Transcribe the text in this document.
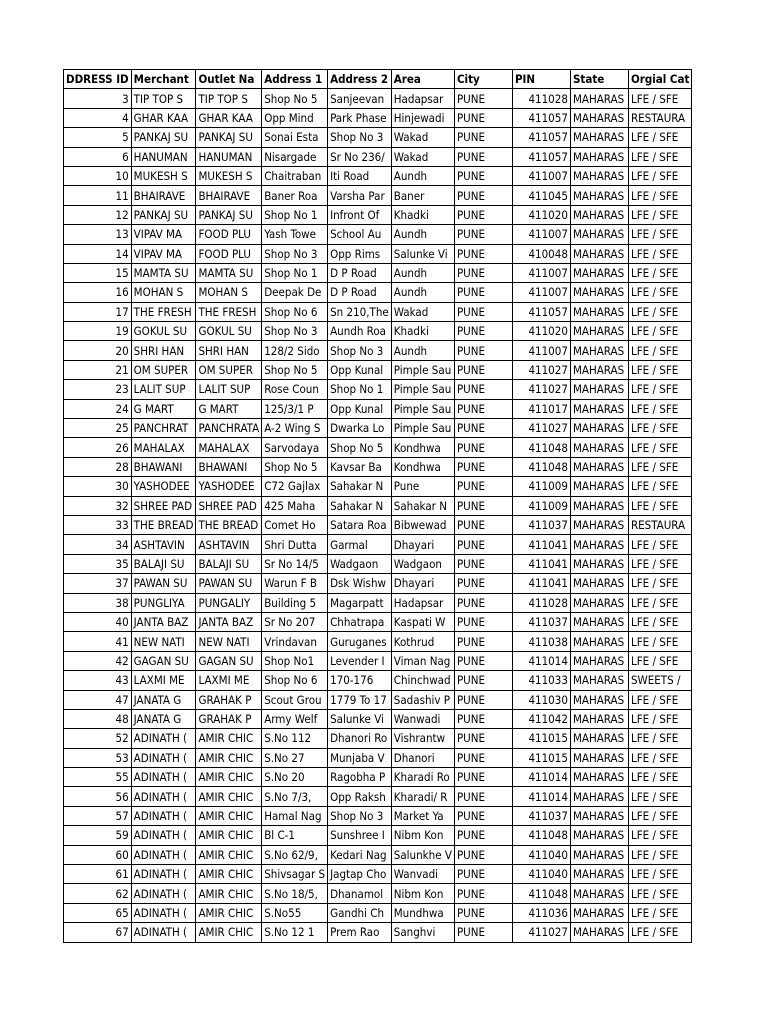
DDRESS ID	Merchant	Outlet Na	Address 1	Address 2	Area	City	PIN	State	Orgial Cat
3	TIP TOP S	TIP TOP S	Shop No 5	Sanjeevan	Hadapsar	PUNE	411028	MAHARAS	LFE / SFE
4	GHAR KAA	GHAR KAA	Opp Mind	Park Phase	Hinjewadi	PUNE	411057	MAHARAS	RESTAURA
5	PANKAJ SU	PANKAJ SU	Sonai Esta	Shop No 3	Wakad	PUNE	411057	MAHARAS	LFE / SFE
6	HANUMAN	HANUMAN	Nisargade	Sr No 236/	Wakad	PUNE	411057	MAHARAS	LFE / SFE
10	MUKESH S	MUKESH S	Chaitraban	Iti Road	Aundh	PUNE	411007	MAHARAS	LFE / SFE
11	BHAIRAVE	BHAIRAVE	Baner Roa	Varsha Par	Baner	PUNE	411045	MAHARAS	LFE / SFE
12	PANKAJ SU	PANKAJ SU	Shop No 1	Infront Of	Khadki	PUNE	411020	MAHARAS	LFE / SFE
13	VIPAV MA	FOOD PLU	Yash Towe	School Au	Aundh	PUNE	411007	MAHARAS	LFE / SFE
14	VIPAV MA	FOOD PLU	Shop No 3	Opp Rims	Salunke Vi	PUNE	410048	MAHARAS	LFE / SFE
15	MAMTA SU	MAMTA SU	Shop No 1	D P Road	Aundh	PUNE	411007	MAHARAS	LFE / SFE
16	MOHAN S	MOHAN S	Deepak De	D P Road	Aundh	PUNE	411007	MAHARAS	LFE / SFE
17	THE FRESH	THE FRESH	Shop No 6	Sn 210,The	Wakad	PUNE	411057	MAHARAS	LFE / SFE
19	GOKUL SU	GOKUL SU	Shop No 3	Aundh Roa	Khadki	PUNE	411020	MAHARAS	LFE / SFE
20	SHRI HAN	SHRI HAN	128/2 Sido	Shop No 3	Aundh	PUNE	411007	MAHARAS	LFE / SFE
21	OM SUPER	OM SUPER	Shop No 5	Opp Kunal	Pimple Sau	PUNE	411027	MAHARAS	LFE / SFE
23	LALIT SUP	LALIT SUP	Rose Coun	Shop No 1	Pimple Sau	PUNE	411027	MAHARAS	LFE / SFE
24	G MART	G MART	125/3/1 P	Opp Kunal	Pimple Sau	PUNE	411017	MAHARAS	LFE / SFE
25	PANCHRAT	PANCHRATA	A-2 Wing S	Dwarka Lo	Pimple Sau	PUNE	411027	MAHARAS	LFE / SFE
26	MAHALAX	MAHALAX	Sarvodaya	Shop No 5	Kondhwa	PUNE	411048	MAHARAS	LFE / SFE
28	BHAWANI	BHAWANI	Shop No 5	Kavsar Ba	Kondhwa	PUNE	411048	MAHARAS	LFE / SFE
30	YASHODEE	YASHODEE	C72 Gajlax	Sahakar N	Pune	PUNE	411009	MAHARAS	LFE / SFE
32	SHREE PAD	SHREE PAD	425 Maha	Sahakar N	Sahakar N	PUNE	411009	MAHARAS	LFE / SFE
33	THE BREAD	THE BREAD	Comet Ho	Satara Roa	Bibwewad	PUNE	411037	MAHARAS	RESTAURA
34	ASHTAVIN	ASHTAVIN	Shri Dutta	Garmal	Dhayari	PUNE	411041	MAHARAS	LFE / SFE
35	BALAJI SU	BALAJI SU	Sr No 14/5	Wadgaon	Wadgaon	PUNE	411041	MAHARAS	LFE / SFE
37	PAWAN SU	PAWAN SU	Warun F B	Dsk Wishw	Dhayari	PUNE	411041	MAHARAS	LFE / SFE
38	PUNGLIYA	PUNGALIY	Building 5	Magarpatt	Hadapsar	PUNE	411028	MAHARAS	LFE / SFE
40	JANTA BAZ	JANTA BAZ	Sr No 207	Chhatrapa	Kaspati W	PUNE	411037	MAHARAS	LFE / SFE
41	NEW NATI	NEW NATI	Vrindavan	Guruganes	Kothrud	PUNE	411038	MAHARAS	LFE / SFE
42	GAGAN SU	GAGAN SU	Shop No1	Levender I	Viman Nag	PUNE	411014	MAHARAS	LFE / SFE
43	LAXMI ME	LAXMI ME	Shop No 6	170-176	Chinchwad	PUNE	411033	MAHARAS	SWEETS /
47	JANATA G	GRAHAK P	Scout Grou	1779 To 17	Sadashiv P	PUNE	411030	MAHARAS	LFE / SFE
48	JANATA G	GRAHAK P	Army Welf	Salunke Vi	Wanwadi	PUNE	411042	MAHARAS	LFE / SFE
52	ADINATH (	AMIR CHIC	S.No 112	Dhanori Ro	Vishrantw	PUNE	411015	MAHARAS	LFE / SFE
53	ADINATH (	AMIR CHIC	S.No 27	Munjaba V	Dhanori	PUNE	411015	MAHARAS	LFE / SFE
55	ADINATH (	AMIR CHIC	S.No 20	Ragobha P	Kharadi Ro	PUNE	411014	MAHARAS	LFE / SFE
56	ADINATH (	AMIR CHIC	S.No 7/3,	Opp Raksh	Kharadi/ R	PUNE	411014	MAHARAS	LFE / SFE
57	ADINATH (	AMIR CHIC	Hamal Nag	Shop No 3	Market Ya	PUNE	411037	MAHARAS	LFE / SFE
59	ADINATH (	AMIR CHIC	Bl C-1	Sunshree I	Nibm Kon	PUNE	411048	MAHARAS	LFE / SFE
60	ADINATH (	AMIR CHIC	S.No 62/9,	Kedari Nag	Salunkhe V	PUNE	411040	MAHARAS	LFE / SFE
61	ADINATH (	AMIR CHIC	Shivsagar S	Jagtap Cho	Wanvadi	PUNE	411040	MAHARAS	LFE / SFE
62	ADINATH (	AMIR CHIC	S.No 18/5,	Dhanamol	Nibm Kon	PUNE	411048	MAHARAS	LFE / SFE
65	ADINATH (	AMIR CHIC	S.No55	Gandhi Ch	Mundhwa	PUNE	411036	MAHARAS	LFE / SFE
67	ADINATH (	AMIR CHIC	S.No 12 1	Prem Rao	Sanghvi	PUNE	411027	MAHARAS	LFE / SFE
